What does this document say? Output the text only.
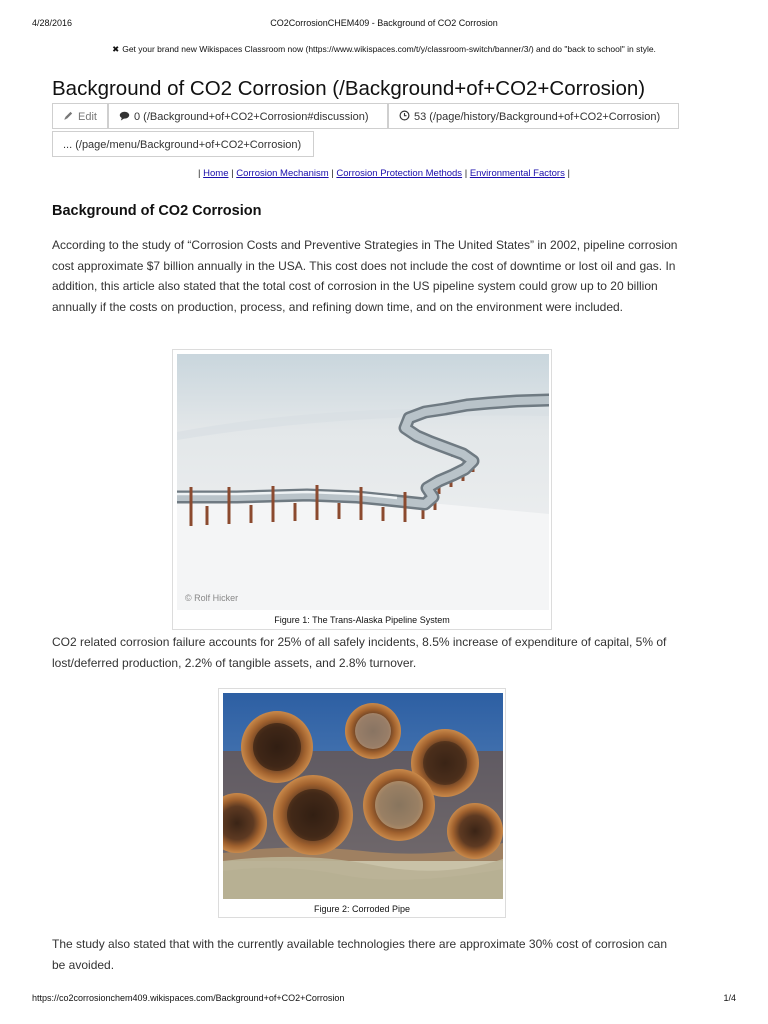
4/28/2016	CO2CorrosionCHEM409 - Background of CO2 Corrosion
✖ Get your brand new Wikispaces Classroom now (https://www.wikispaces.com/t/y/classroom-switch/banner/3/) and do "back to school" in style.
Background of CO2 Corrosion (/Background+of+CO2+Corrosion)
Edit	0 (/Background+of+CO2+Corrosion#discussion)	53 (/page/history/Background+of+CO2+Corrosion)
... (/page/menu/Background+of+CO2+Corrosion)
| Home | Corrosion Mechanism | Corrosion Protection Methods | Environmental Factors |
Background of CO2 Corrosion

According to the study of “Corrosion Costs and Preventive Strategies in The United States” in 2002, pipeline corrosion cost approximate $7 billion annually in the USA. This cost does not include the cost of downtime or lost oil and gas. In addition, this article also stated that the total cost of corrosion in the US pipeline system could grow up to 20 billion annually if the costs on production, process, and refining down time, and on the environment were included.

© Rolf Hicker
Figure 1: The Trans-Alaska Pipeline System

CO2 related corrosion failure accounts for 25% of all safely incidents, 8.5% increase of expenditure of capital, 5% of lost/deferred production, 2.2% of tangible assets, and 2.8% turnover.

Figure 2: Corroded Pipe

The study also stated that with the currently available technologies there are approximate 30% cost of corrosion can be avoided.

https://co2corrosionchem409.wikispaces.com/Background+of+CO2+Corrosion	1/4
